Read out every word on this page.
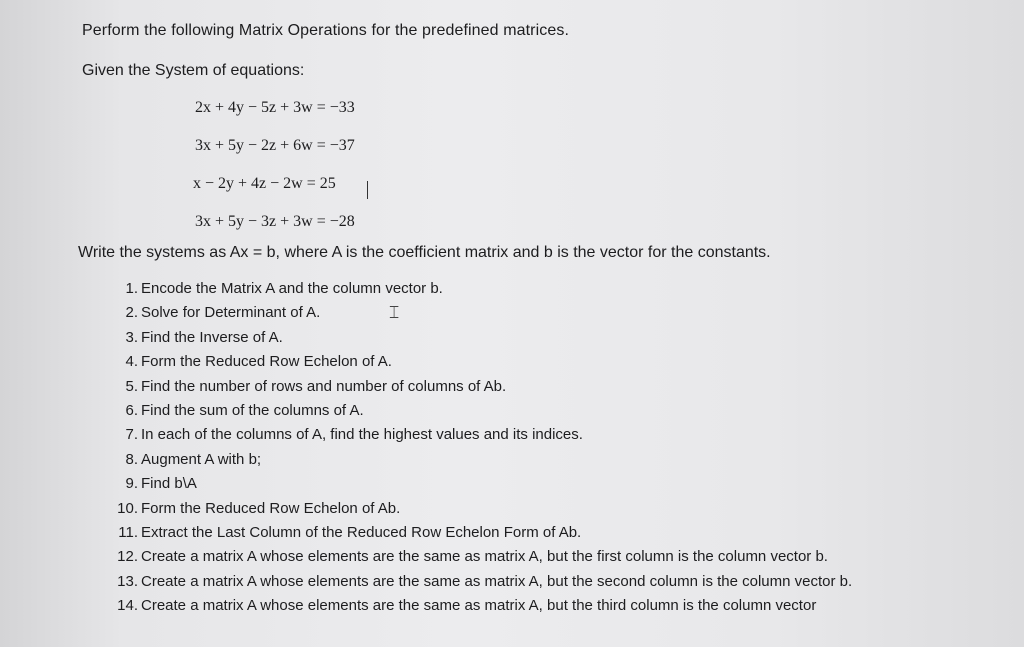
Perform the following Matrix Operations for the predefined matrices.

Given the System of equations:

2x + 4y − 5z + 3w = −33
3x + 5y − 2z + 6w = −37
x − 2y + 4z − 2w = 25
3x + 5y − 3z + 3w = −28

Write the systems as Ax = b, where A is the coefficient matrix and b is the vector for the constants.

1. Encode the Matrix A and the column vector b.
2. Solve for Determinant of A.
3. Find the Inverse of A.
4. Form the Reduced Row Echelon of A.
5. Find the number of rows and number of columns of Ab.
6. Find the sum of the columns of A.
7. In each of the columns of A, find the highest values and its indices.
8. Augment A with b;
9. Find b\A
10. Form the Reduced Row Echelon of Ab.
11. Extract the Last Column of the Reduced Row Echelon Form of Ab.
12. Create a matrix A whose elements are the same as matrix A, but the first column is the column vector b.
13. Create a matrix A whose elements are the same as matrix A, but the second column is the column vector b.
14. Create a matrix A whose elements are the same as matrix A, but the third column is the column vector
⌶
